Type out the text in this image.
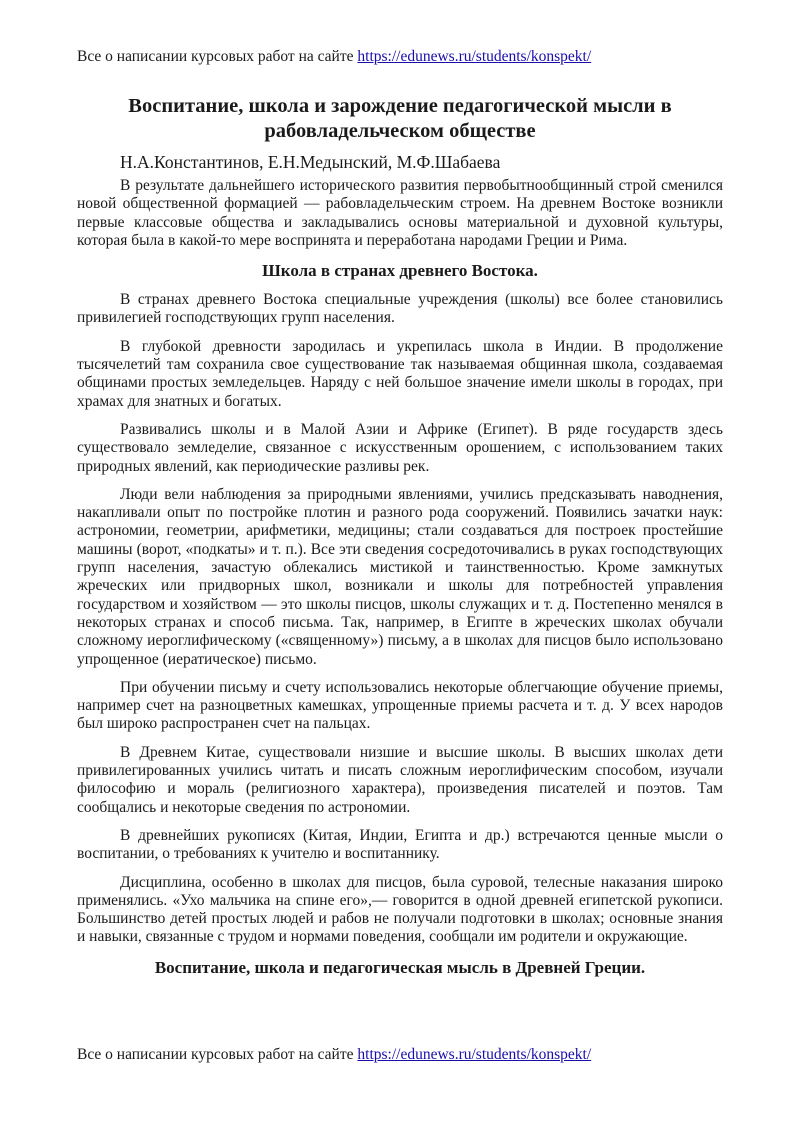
Все о написании курсовых работ на сайте https://edunews.ru/students/konspekt/
Воспитание, школа и зарождение педагогической мысли в рабовладельческом обществе
Н.А.Константинов, Е.Н.Медынский, М.Ф.Шабаева

В результате дальнейшего исторического развития первобытнообщинный строй сменился новой общественной формацией — рабовладельческим строем. На древнем Востоке возникли первые классовые общества и закладывались основы материальной и духовной культуры, которая была в какой-то мере воспринята и переработана народами Греции и Рима.

Школа в странах древнего Востока.

В странах древнего Востока специальные учреждения (школы) все более становились привилегией господствующих групп населения.

В глубокой древности зародилась и укрепилась школа в Индии. В продолжение тысячелетий там сохранила свое существование так называемая общинная школа, создаваемая общинами простых земледельцев. Наряду с ней большое значение имели школы в городах, при храмах для знатных и богатых.

Развивались школы и в Малой Азии и Африке (Египет). В ряде государств здесь существовало земледелие, связанное с искусственным орошением, с использованием таких природных явлений, как периодические разливы рек.

Люди вели наблюдения за природными явлениями, учились предсказывать наводнения, накапливали опыт по постройке плотин и разного рода сооружений. Появились зачатки наук: астрономии, геометрии, арифметики, медицины; стали создаваться для построек простейшие машины (ворот, «подкаты» и т. п.). Все эти сведения сосредоточивались в руках господствующих групп населения, зачастую облекались мистикой и таинственностью. Кроме замкнутых жреческих или придворных школ, возникали и школы для потребностей управления государством и хозяйством — это школы писцов, школы служащих и т. д. Постепенно менялся в некоторых странах и способ письма. Так, например, в Египте в жреческих школах обучали сложному иероглифическому («священному») письму, а в школах для писцов было использовано упрощенное (иератическое) письмо.

При обучении письму и счету использовались некоторые облегчающие обучение приемы, например счет на разноцветных камешках, упрощенные приемы расчета и т. д. У всех народов был широко распространен счет на пальцах.

В Древнем Китае, существовали низшие и высшие школы. В высших школах дети привилегированных учились читать и писать сложным иероглифическим способом, изучали философию и мораль (религиозного характера), произведения писателей и поэтов. Там сообщались и некоторые сведения по астрономии.

В древнейших рукописях (Китая, Индии, Египта и др.) встречаются ценные мысли о воспитании, о требованиях к учителю и воспитаннику.

Дисциплина, особенно в школах для писцов, была суровой, телесные наказания широко применялись. «Ухо мальчика на спине его»,— говорится в одной древней египетской рукописи. Большинство детей простых людей и рабов не получали подготовки в школах; основные знания и навыки, связанные с трудом и нормами поведения, сообщали им родители и окружающие.

Воспитание, школа и педагогическая мысль в Древней Греции.
Все о написании курсовых работ на сайте https://edunews.ru/students/konspekt/
